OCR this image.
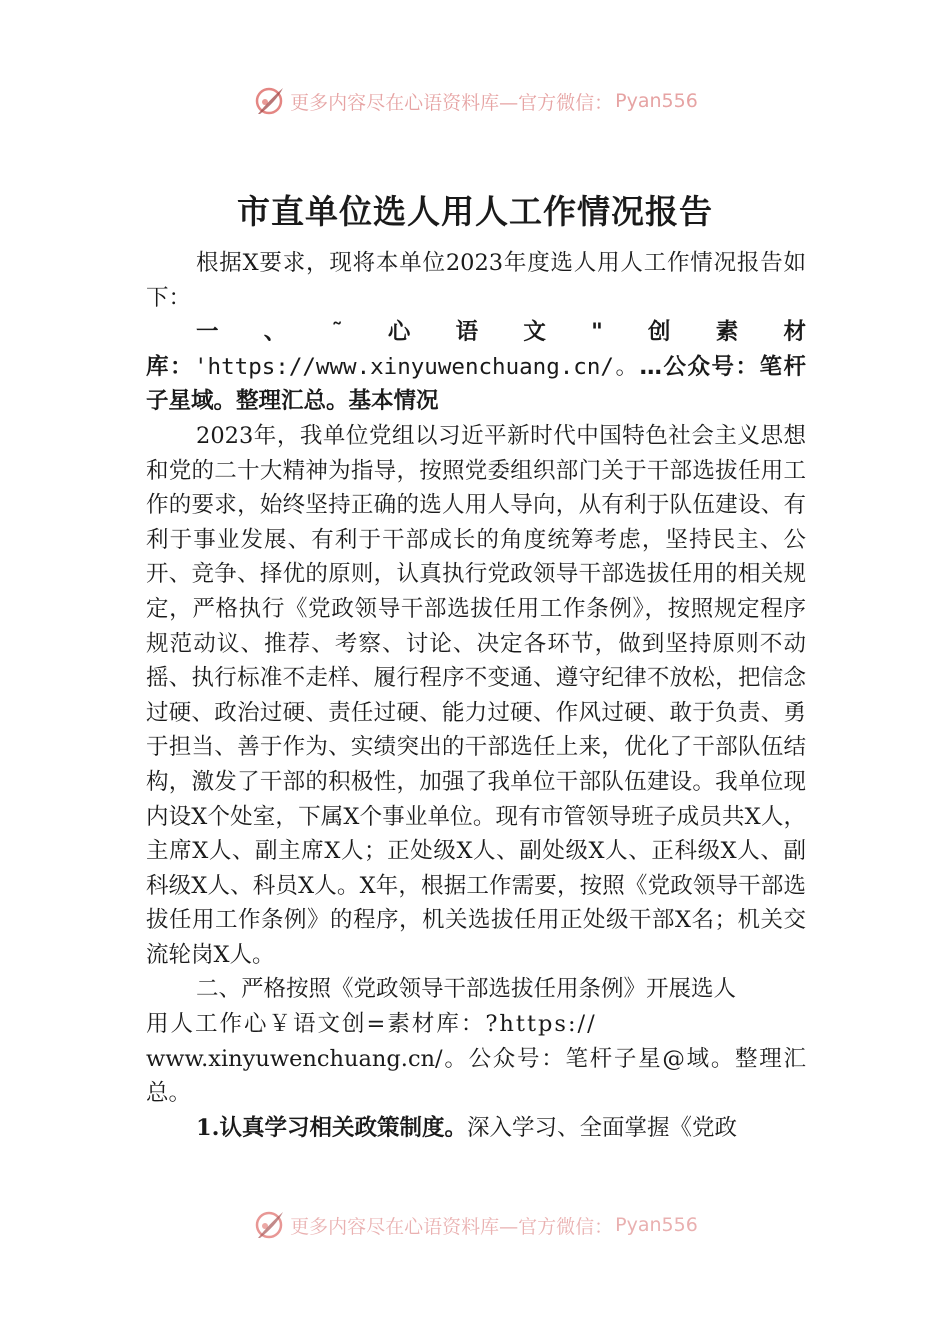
更多内容尽在心语资料库—官方微信： Pyan556
市直单位选人用人工作情况报告

根据X要求，现将本单位2023年度选人用人工作情况报告如下：

一、˜心语文"创素材库：'https://www.xinyuwenchuang.cn/。…公众号：笔杆子星域。整理汇总。基本情况

2023年，我单位党组以习近平新时代中国特色社会主义思想和党的二十大精神为指导，按照党委组织部门关于干部选拔任用工作的要求，始终坚持正确的选人用人导向，从有利于队伍建设、有利于事业发展、有利于干部成长的角度统筹考虑，坚持民主、公开、竞争、择优的原则，认真执行党政领导干部选拔任用的相关规定，严格执行《党政领导干部选拔任用工作条例》，按照规定程序规范动议、推荐、考察、讨论、决定各环节，做到坚持原则不动摇、执行标准不走样、履行程序不变通、遵守纪律不放松，把信念过硬、政治过硬、责任过硬、能力过硬、作风过硬、敢于负责、勇于担当、善于作为、实绩突出的干部选任上来，优化了干部队伍结构，激发了干部的积极性，加强了我单位干部队伍建设。我单位现内设X个处室，下属X个事业单位。现有市管领导班子成员共X人，主席X人、副主席X人；正处级X人、副处级X人、正科级X人、副科级X人、科员X人。X年，根据工作需要，按照《党政领导干部选拔任用工作条例》的程序，机关选拔任用正处级干部X名；机关交流轮岗X人。

二、严格按照《党政领导干部选拔任用条例》开展选人

用人工作心￥语文创=素材库：?https://

www.xinyuwenchuang.cn/。公众号：笔杆子星@域。整理汇总。

1.认真学习相关政策制度。深入学习、全面掌握《党政

更多内容尽在心语资料库—官方微信： Pyan556
